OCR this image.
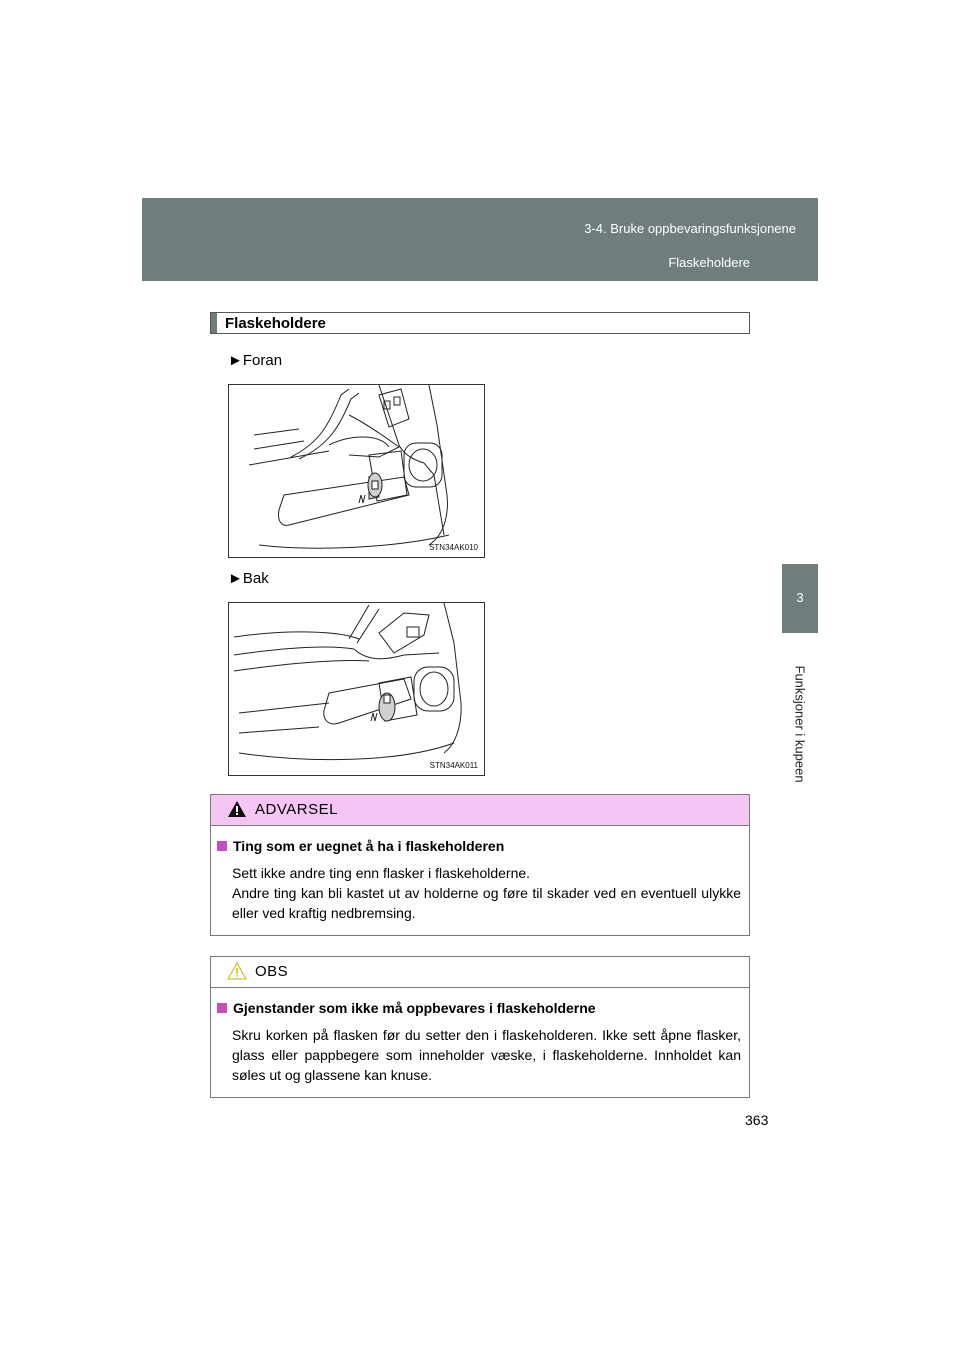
3-4. Bruke oppbevaringsfunksjonene
Flaskeholdere
3
Funksjoner i kupeen
Flaskeholdere
►Foran
STN34AK010
►Bak
STN34AK011
ADVARSEL
Ting som er uegnet å ha i flaskeholderen
Sett ikke andre ting enn flasker i flaskeholderne.
Andre ting kan bli kastet ut av holderne og føre til skader ved en eventuell ulykke eller ved kraftig nedbremsing.
OBS
Gjenstander som ikke må oppbevares i flaskeholderne
Skru korken på flasken før du setter den i flaskeholderen. Ikke sett åpne flasker, glass eller pappbegere som inneholder væske, i flaskeholderne. Innholdet kan søles ut og glassene kan knuse.
363
